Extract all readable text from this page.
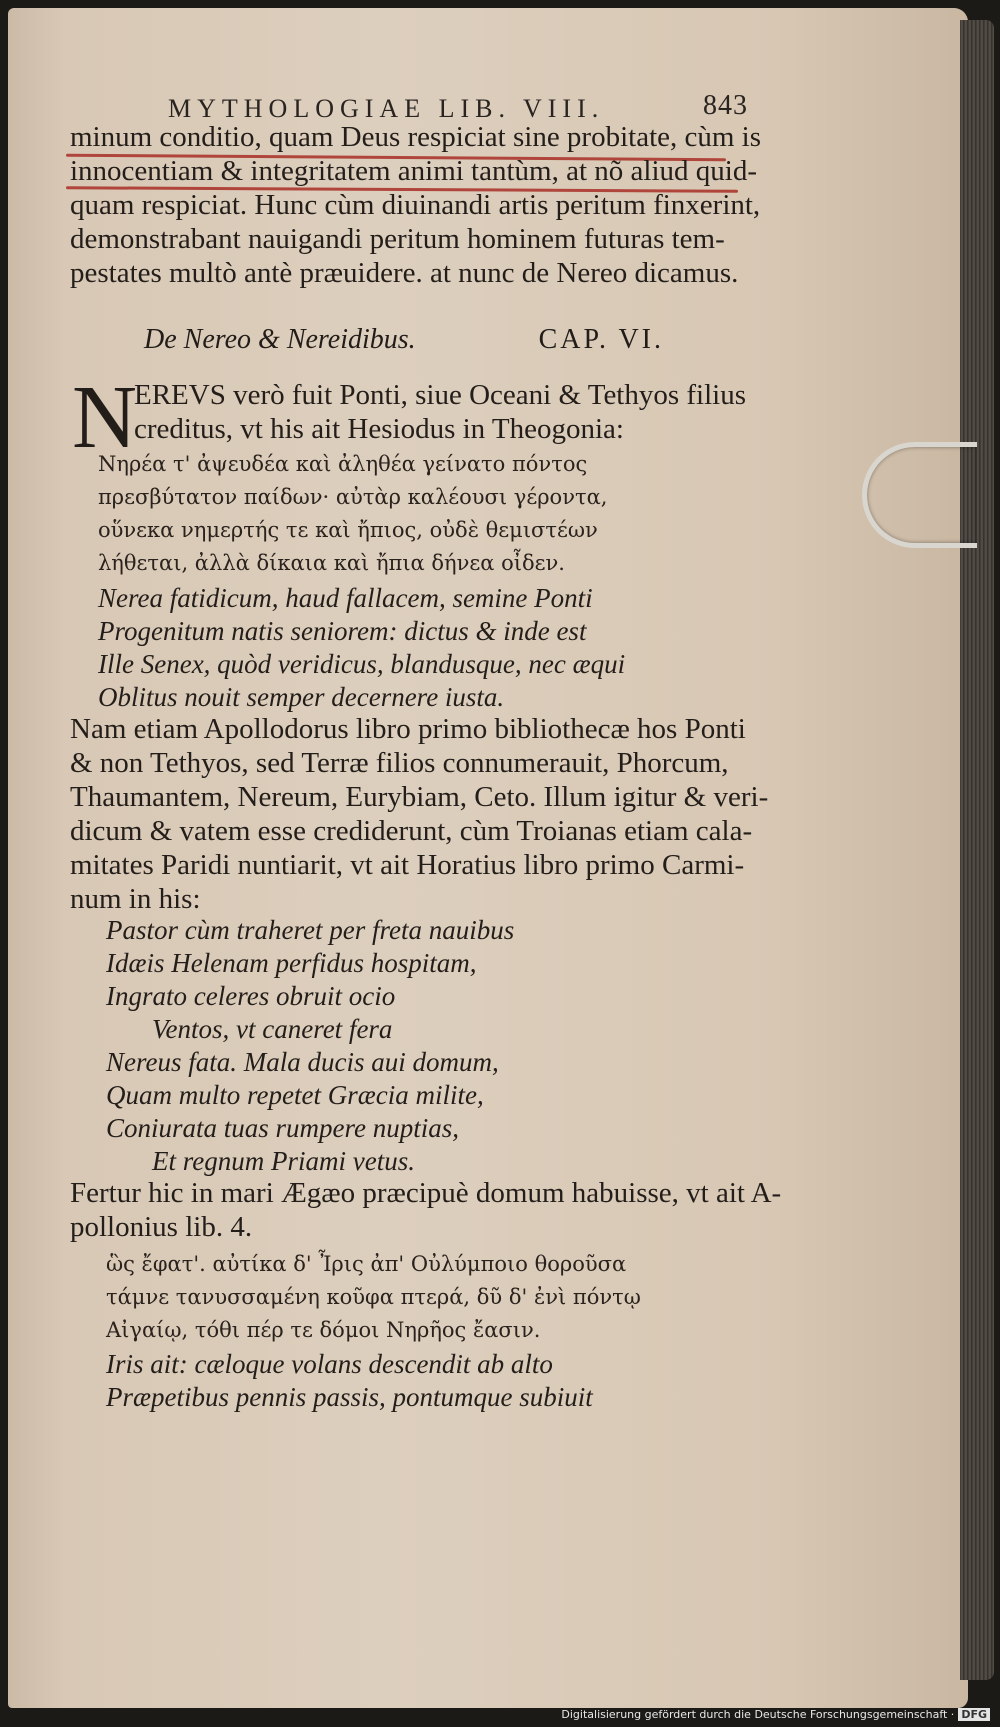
MYTHOLOGIAE LIB. VIII.	843
minum conditio, quam Deus respiciat sine probitate, cùm is
innocentiam & integritatem animi tantùm, at nõ aliud quid-
quam respiciat. Hunc cùm diuinandi artis peritum finxerint,
demonstrabant nauigandi peritum hominem futuras tem-
pestates multò antè præuidere. at nunc de Nereo dicamus.
De Nereo & Nereidibus.	CAP. VI.
N
EREVS verò fuit Ponti, siue Oceani & Tethyos filius
creditus, vt his ait Hesiodus in Theogonia:
Νηρέα τ' ἀψευδέα καὶ ἀληθέα γείνατο πόντος
πρεσβύτατον παίδων· αὐτὰρ καλέουσι γέροντα,
οὕνεκα νημερτής τε καὶ ἤπιος, οὐδὲ θεμιστέων
λήθεται, ἀλλὰ δίκαια καὶ ἤπια δήνεα οἶδεν.
Nerea fatidicum, haud fallacem, semine Ponti
Progenitum natis seniorem: dictus & inde est
Ille Senex, quòd veridicus, blandusque, nec æqui
Oblitus nouit semper decernere iusta.
Nam etiam Apollodorus libro primo bibliothecæ hos Ponti
& non Tethyos, sed Terræ filios connumerauit, Phorcum,
Thaumantem, Nereum, Eurybiam, Ceto. Illum igitur & veri-
dicum & vatem esse crediderunt, cùm Troianas etiam cala-
mitates Paridi nuntiarit, vt ait Horatius libro primo Carmi-
num in his:
Pastor cùm traheret per freta nauibus
Idæis Helenam perfidus hospitam,
Ingrato celeres obruit ocio
Ventos, vt caneret fera
Nereus fata. Mala ducis aui domum,
Quam multo repetet Græcia milite,
Coniurata tuas rumpere nuptias,
Et regnum Priami vetus.
Fertur hic in mari Ægæo præcipuè domum habuisse, vt ait A-
pollonius lib. 4.
ὣς ἔφατ'. αὐτίκα δ' Ἶρις ἀπ' Οὐλύμποιο θοροῦσα
τάμνε τανυσσαμένη κοῦφα πτερά, δῦ δ' ἐνὶ πόντῳ
Αἰγαίῳ, τόθι πέρ τε δόμοι Νηρῆος ἔασιν.
Iris ait: cæloque volans descendit ab alto
Præpetibus pennis passis, pontumque subiuit
Digitalisierung gefördert durch die Deutsche Forschungsgemeinschaft · DFG
